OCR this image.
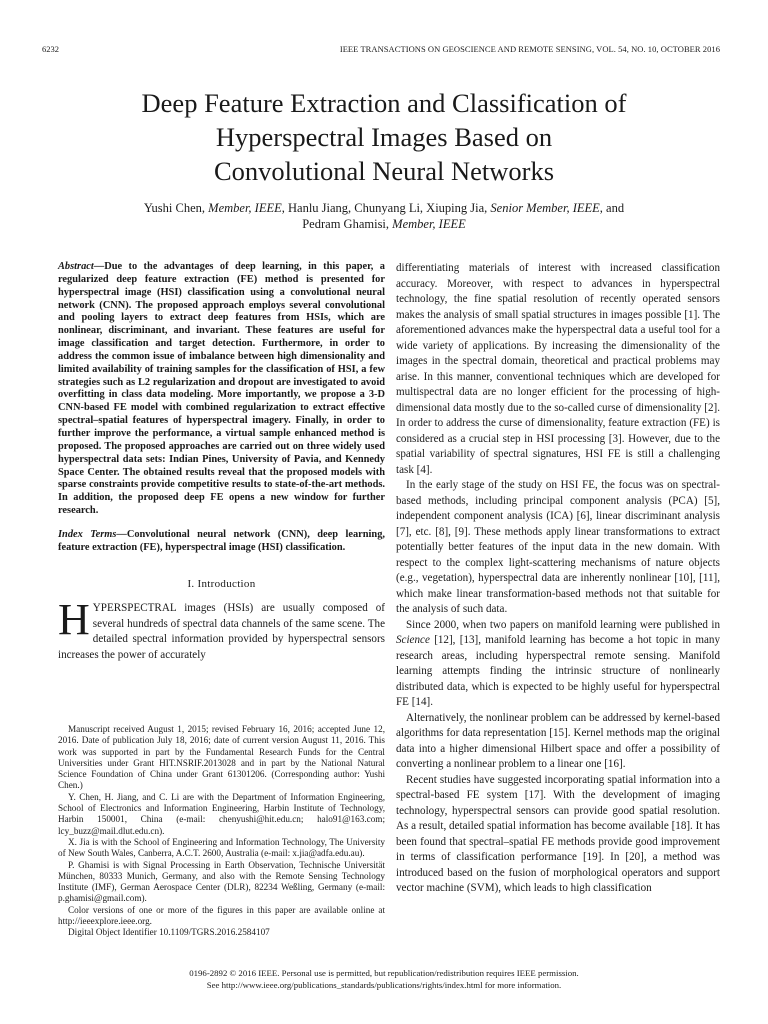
6232	IEEE TRANSACTIONS ON GEOSCIENCE AND REMOTE SENSING, VOL. 54, NO. 10, OCTOBER 2016
Deep Feature Extraction and Classification of
Hyperspectral Images Based on
Convolutional Neural Networks
Yushi Chen, Member, IEEE, Hanlu Jiang, Chunyang Li, Xiuping Jia, Senior Member, IEEE, and
Pedram Ghamisi, Member, IEEE
Abstract—Due to the advantages of deep learning, in this paper, a regularized deep feature extraction (FE) method is presented for hyperspectral image (HSI) classification using a convolutional neural network (CNN). The proposed approach employs several convolutional and pooling layers to extract deep features from HSIs, which are nonlinear, discriminant, and invariant. These features are useful for image classification and target detection. Furthermore, in order to address the common issue of imbalance between high dimensionality and limited availability of training samples for the classification of HSI, a few strategies such as L2 regularization and dropout are investigated to avoid overfitting in class data modeling. More importantly, we propose a 3-D CNN-based FE model with combined regularization to extract effective spectral–spatial features of hyperspectral imagery. Finally, in order to further improve the performance, a virtual sample enhanced method is proposed. The proposed approaches are carried out on three widely used hyperspectral data sets: Indian Pines, University of Pavia, and Kennedy Space Center. The obtained results reveal that the proposed models with sparse constraints provide competitive results to state-of-the-art methods. In addition, the proposed deep FE opens a new window for further research.
Index Terms—Convolutional neural network (CNN), deep learning, feature extraction (FE), hyperspectral image (HSI) classification.
I. Introduction

HYPERSPECTRAL images (HSIs) are usually composed of several hundreds of spectral data channels of the same scene. The detailed spectral information provided by hyperspectral sensors increases the power of accurately

Manuscript received August 1, 2015; revised February 16, 2016; accepted June 12, 2016. Date of publication July 18, 2016; date of current version August 11, 2016. This work was supported in part by the Fundamental Research Funds for the Central Universities under Grant HIT.NSRIF.2013028 and in part by the National Natural Science Foundation of China under Grant 61301206. (Corresponding author: Yushi Chen.)

Y. Chen, H. Jiang, and C. Li are with the Department of Information Engineering, School of Electronics and Information Engineering, Harbin Institute of Technology, Harbin 150001, China (e-mail: chenyushi@hit.edu.cn; halo91@163.com; lcy_buzz@mail.dlut.edu.cn).

X. Jia is with the School of Engineering and Information Technology, The University of New South Wales, Canberra, A.C.T. 2600, Australia (e-mail: x.jia@adfa.edu.au).

P. Ghamisi is with Signal Processing in Earth Observation, Technische Universität München, 80333 Munich, Germany, and also with the Remote Sensing Technology Institute (IMF), German Aerospace Center (DLR), 82234 Weßling, Germany (e-mail: p.ghamisi@gmail.com).

Color versions of one or more of the figures in this paper are available online at http://ieeexplore.ieee.org.

Digital Object Identifier 10.1109/TGRS.2016.2584107

differentiating materials of interest with increased classification accuracy. Moreover, with respect to advances in hyperspectral technology, the fine spatial resolution of recently operated sensors makes the analysis of small spatial structures in images possible [1]. The aforementioned advances make the hyperspectral data a useful tool for a wide variety of applications. By increasing the dimensionality of the images in the spectral domain, theoretical and practical problems may arise. In this manner, conventional techniques which are developed for multispectral data are no longer efficient for the processing of high-dimensional data mostly due to the so-called curse of dimensionality [2]. In order to address the curse of dimensionality, feature extraction (FE) is considered as a crucial step in HSI processing [3]. However, due to the spatial variability of spectral signatures, HSI FE is still a challenging task [4].

In the early stage of the study on HSI FE, the focus was on spectral-based methods, including principal component analysis (PCA) [5], independent component analysis (ICA) [6], linear discriminant analysis [7], etc. [8], [9]. These methods apply linear transformations to extract potentially better features of the input data in the new domain. With respect to the complex light-scattering mechanisms of nature objects (e.g., vegetation), hyperspectral data are inherently nonlinear [10], [11], which make linear transformation-based methods not that suitable for the analysis of such data.

Since 2000, when two papers on manifold learning were published in Science [12], [13], manifold learning has become a hot topic in many research areas, including hyperspectral remote sensing. Manifold learning attempts finding the intrinsic structure of nonlinearly distributed data, which is expected to be highly useful for hyperspectral FE [14].

Alternatively, the nonlinear problem can be addressed by kernel-based algorithms for data representation [15]. Kernel methods map the original data into a higher dimensional Hilbert space and offer a possibility of converting a nonlinear problem to a linear one [16].

Recent studies have suggested incorporating spatial information into a spectral-based FE system [17]. With the development of imaging technology, hyperspectral sensors can provide good spatial resolution. As a result, detailed spatial information has become available [18]. It has been found that spectral–spatial FE methods provide good improvement in terms of classification performance [19]. In [20], a method was introduced based on the fusion of morphological operators and support vector machine (SVM), which leads to high classification

0196-2892 © 2016 IEEE. Personal use is permitted, but republication/redistribution requires IEEE permission.
See http://www.ieee.org/publications_standards/publications/rights/index.html for more information.
